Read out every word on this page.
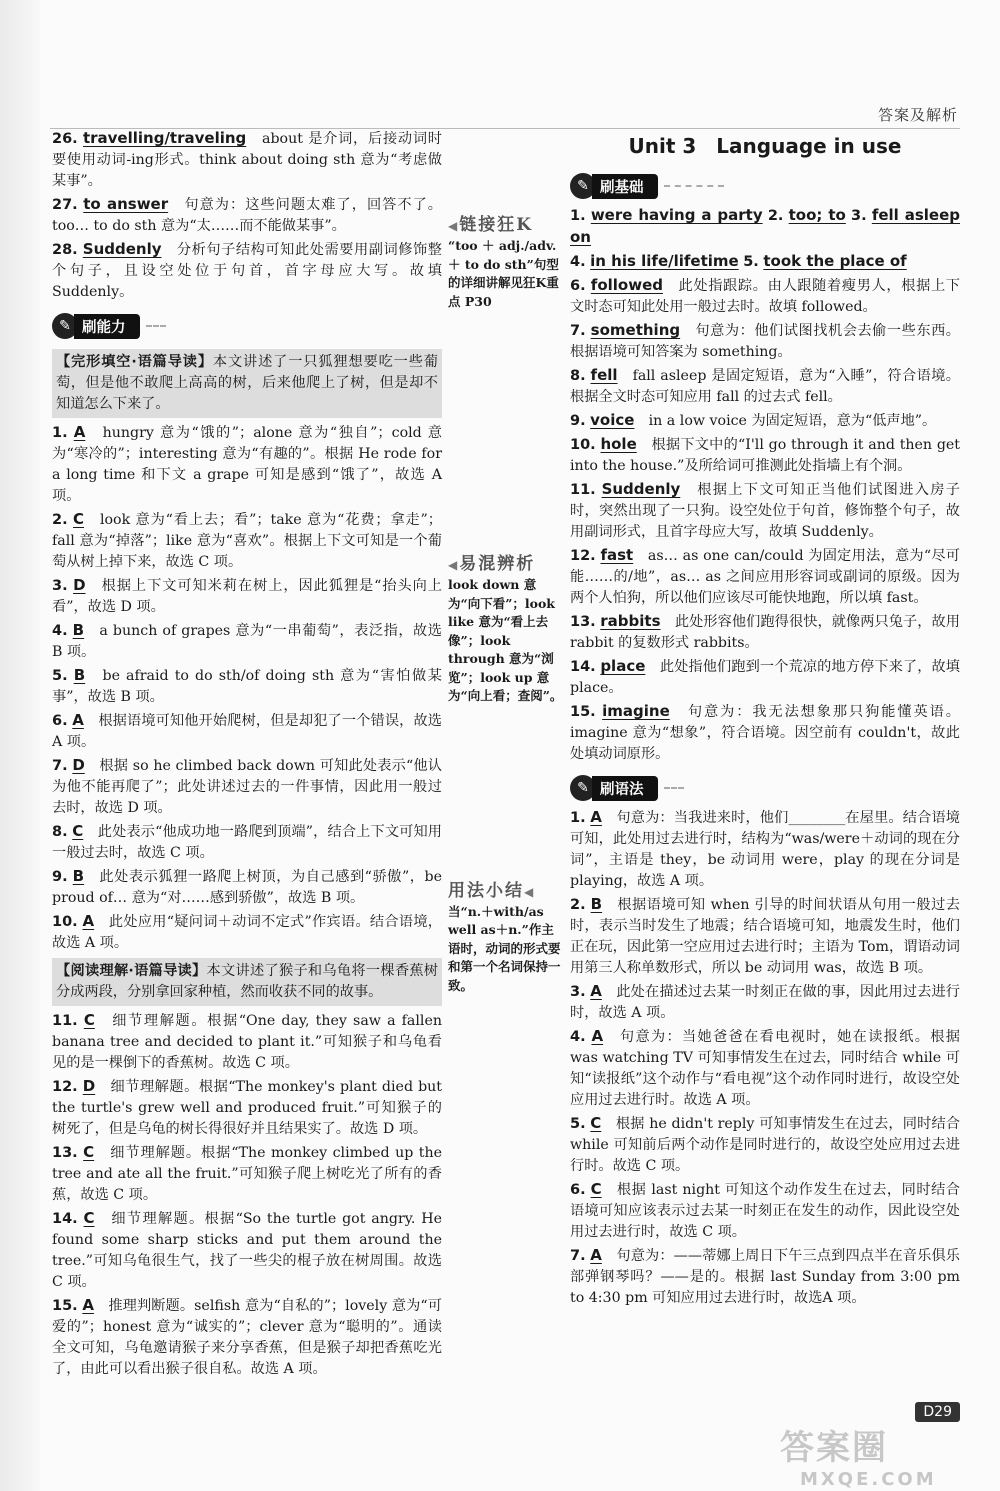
答案及解析

26. travelling/traveling　 about 是介词，后接动词时要使用动词-ing形式。think about doing sth 意为“考虑做某事”。

27. to answer　 句意为：这些问题太难了，回答不了。too… to do sth 意为“太……而不能做某事”。

28. Suddenly　 分析句子结构可知此处需要用副词修饰整个句子，且设空处位于句首，首字母应大写。故填 Suddenly。

✎ 刷能力
【完形填空·语篇导读】本文讲述了一只狐狸想要吃一些葡萄，但是他不敢爬上高高的树，后来他爬上了树，但是却不知道怎么下来了。

1. A　 hungry 意为“饿的”；alone 意为“独自”；cold 意为“寒冷的”；interesting 意为“有趣的”。根据 He rode for a long time 和下文 a grape 可知是感到“饿了”，故选 A 项。

2. C　 look 意为“看上去；看”；take 意为“花费；拿走”；fall 意为“掉落”；like 意为“喜欢”。根据上下文可知是一个葡萄从树上掉下来，故选 C 项。

3. D　 根据上下文可知米莉在树上，因此狐狸是“抬头向上看”，故选 D 项。

4. B　 a bunch of grapes 意为“一串葡萄”，表泛指，故选 B 项。

5. B　 be afraid to do sth/of doing sth 意为“害怕做某事”，故选 B 项。

6. A　 根据语境可知他开始爬树，但是却犯了一个错误，故选 A 项。

7. D　 根据 so he climbed back down 可知此处表示“他认为他不能再爬了”；此处讲述过去的一件事情，因此用一般过去时，故选 D 项。

8. C　 此处表示“他成功地一路爬到顶端”，结合上下文可知用一般过去时，故选 C 项。

9. B　 此处表示狐狸一路爬上树顶，为自己感到“骄傲”，be proud of… 意为“对……感到骄傲”，故选 B 项。

10. A　 此处应用“疑问词＋动词不定式”作宾语。结合语境，故选 A 项。

【阅读理解·语篇导读】本文讲述了猴子和乌龟将一棵香蕉树分成两段，分别拿回家种植，然而收获不同的故事。

11. C　 细节理解题。根据“One day, they saw a fallen banana tree and decided to plant it.”可知猴子和乌龟看见的是一棵倒下的香蕉树。故选 C 项。

12. D　 细节理解题。根据“The monkey's plant died but the turtle's grew well and produced fruit.”可知猴子的树死了，但是乌龟的树长得很好并且结果实了。故选 D 项。

13. C　 细节理解题。根据“The monkey climbed up the tree and ate all the fruit.”可知猴子爬上树吃光了所有的香蕉，故选 C 项。

14. C　 细节理解题。根据“So the turtle got angry. He found some sharp sticks and put them around the tree.”可知乌龟很生气，找了一些尖的棍子放在树周围。故选 C 项。

15. A　 推理判断题。selfish 意为“自私的”；lovely 意为“可爱的”；honest 意为“诚实的”；clever 意为“聪明的”。通读全文可知，乌龟邀请猴子来分享香蕉，但是猴子却把香蕉吃光了，由此可以看出猴子很自私。故选 A 项。

◀链接狂K

“too ＋ adj./adv.＋ to do sth”句型的详细讲解见狂K重点 P30

◀易混辨析

look down 意为“向下看”；look like 意为“看上去像”；look through 意为“浏览”；look up 意为“向上看；查阅”。

用法小结◀

当“n.＋with/as well as＋n.”作主语时，动词的形式要和第一个名词保持一致。

Unit 3　Language in use
✎ 刷基础

1. were having a party 2. too; to 3. fell asleep on

4. in his life/lifetime 5. took the place of

6. followed　 此处指跟踪。由人跟随着瘦男人，根据上下文时态可知此处用一般过去时。故填 followed。

7. something　 句意为：他们试图找机会去偷一些东西。根据语境可知答案为 something。

8. fell　 fall asleep 是固定短语，意为“入睡”，符合语境。根据全文时态可知应用 fall 的过去式 fell。

9. voice　 in a low voice 为固定短语，意为“低声地”。

10. hole　 根据下文中的“I'll go through it and then get into the house.”及所给词可推测此处指墙上有个洞。

11. Suddenly　 根据上下文可知正当他们试图进入房子时，突然出现了一只狗。设空处位于句首，修饰整个句子，故用副词形式，且首字母应大写，故填 Suddenly。

12. fast　 as… as one can/could 为固定用法，意为“尽可能……的/地”，as… as 之间应用形容词或副词的原级。因为两个人怕狗，所以他们应该尽可能快地跑，所以填 fast。

13. rabbits　 此处形容他们跑得很快，就像两只兔子，故用 rabbit 的复数形式 rabbits。

14. place　 此处指他们跑到一个荒凉的地方停下来了，故填 place。

15. imagine　 句意为：我无法想象那只狗能懂英语。imagine 意为“想象”，符合语境。因空前有 couldn't，故此处填动词原形。

✎ 刷语法

1. A　 句意为：当我进来时，他们________在屋里。结合语境可知，此处用过去进行时，结构为“was/were＋动词的现在分词”，主语是 they，be 动词用 were，play 的现在分词是 playing，故选 A 项。

2. B　 根据语境可知 when 引导的时间状语从句用一般过去时，表示当时发生了地震；结合语境可知，地震发生时，他们正在玩，因此第一空应用过去进行时；主语为 Tom，谓语动词用第三人称单数形式，所以 be 动词用 was，故选 B 项。

3. A　 此处在描述过去某一时刻正在做的事，因此用过去进行时，故选 A 项。

4. A　 句意为：当她爸爸在看电视时，她在读报纸。根据 was watching TV 可知事情发生在过去，同时结合 while 可知“读报纸”这个动作与“看电视”这个动作同时进行，故设空处应用过去进行时。故选 A 项。

5. C　 根据 he didn't reply 可知事情发生在过去，同时结合 while 可知前后两个动作是同时进行的，故设空处应用过去进行时。故选 C 项。

6. C　 根据 last night 可知这个动作发生在过去，同时结合语境可知应该表示过去某一时刻正在发生的动作，因此设空处用过去进行时，故选 C 项。

7. A　 句意为：——蒂娜上周日下午三点到四点半在音乐俱乐部弹钢琴吗？——是的。根据 last Sunday from 3:00 pm to 4:30 pm 可知应用过去进行时，故选A 项。

D29
答案圈
MXQE.COM
